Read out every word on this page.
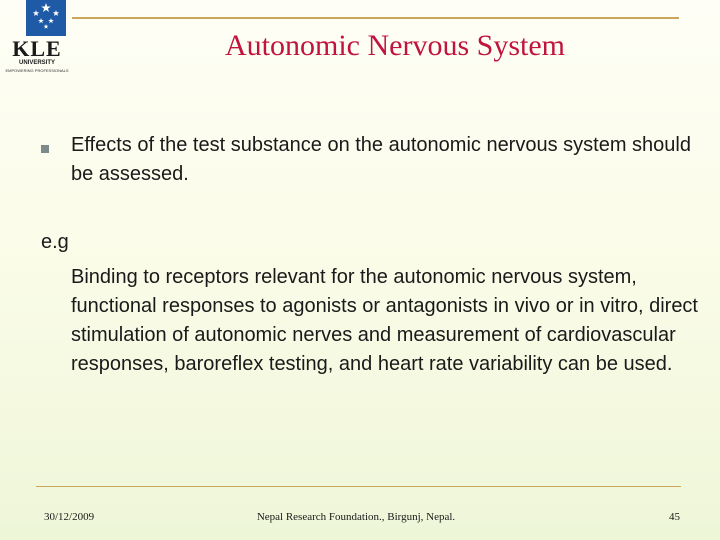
KLE
UNIVERSITY
EMPOWERING PROFESSIONALS
Autonomic Nervous System
Effects of the test substance on the autonomic nervous system should be assessed.
e.g
Binding to receptors relevant for the autonomic nervous system, functional responses to agonists or antagonists in vivo or in vitro, direct stimulation of autonomic nerves and measurement of cardiovascular responses, baroreflex testing, and heart rate variability can be used.
30/12/2009	Nepal Research Foundation., Birgunj, Nepal.	45
